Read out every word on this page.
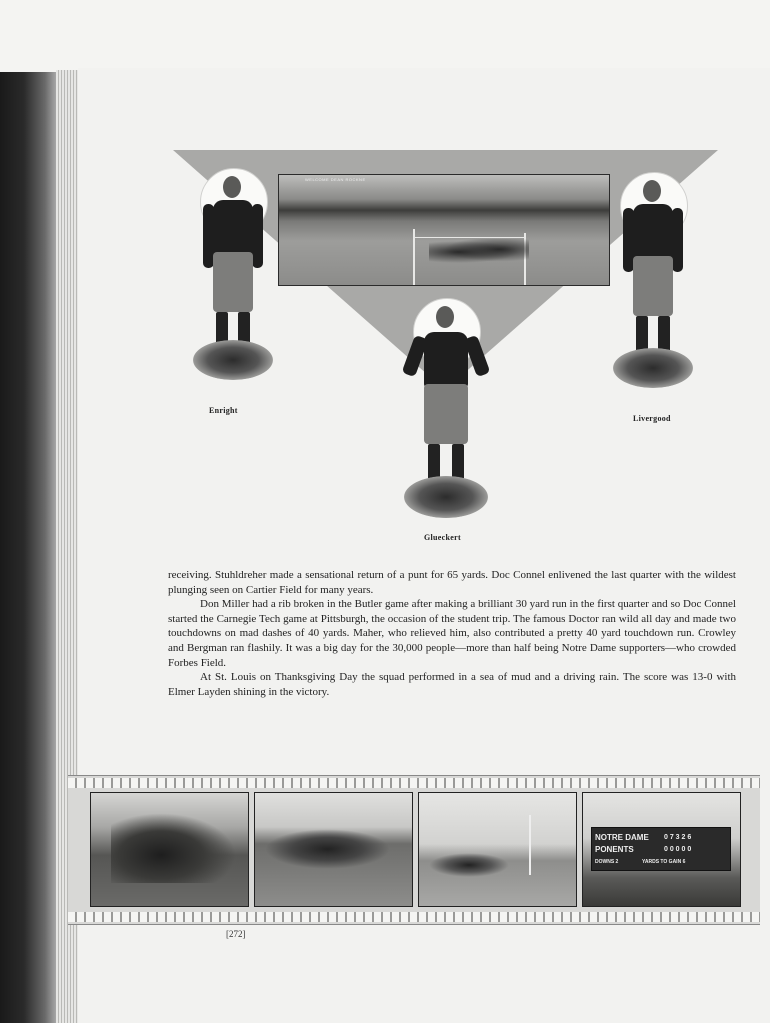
WELCOME DEAN ROCKNE
Enright
Livergood
Glueckert

receiving. Stuhldreher made a sensational return of a punt for 65 yards. Doc Connel enlivened the last quarter with the wildest plunging seen on Cartier Field for many years.

Don Miller had a rib broken in the Butler game after making a brilliant 30 yard run in the first quarter and so Doc Connel started the Carnegie Tech game at Pittsburgh, the occasion of the student trip. The famous Doctor ran wild all day and made two touchdowns on mad dashes of 40 yards. Maher, who relieved him, also contributed a pretty 40 yard touchdown run. Crowley and Bergman ran flashily. It was a big day for the 30,000 people—more than half being Notre Dame supporters—who crowded Forbes Field.

At St. Louis on Thanksgiving Day the squad performed in a sea of mud and a driving rain. The score was 13-0 with Elmer Layden shining in the victory.

NOTRE DAME 0 7 3 2 6
PONENTS	0 0 0 0 0
DOWNS 2	YARDS TO GAIN 6
[272]
